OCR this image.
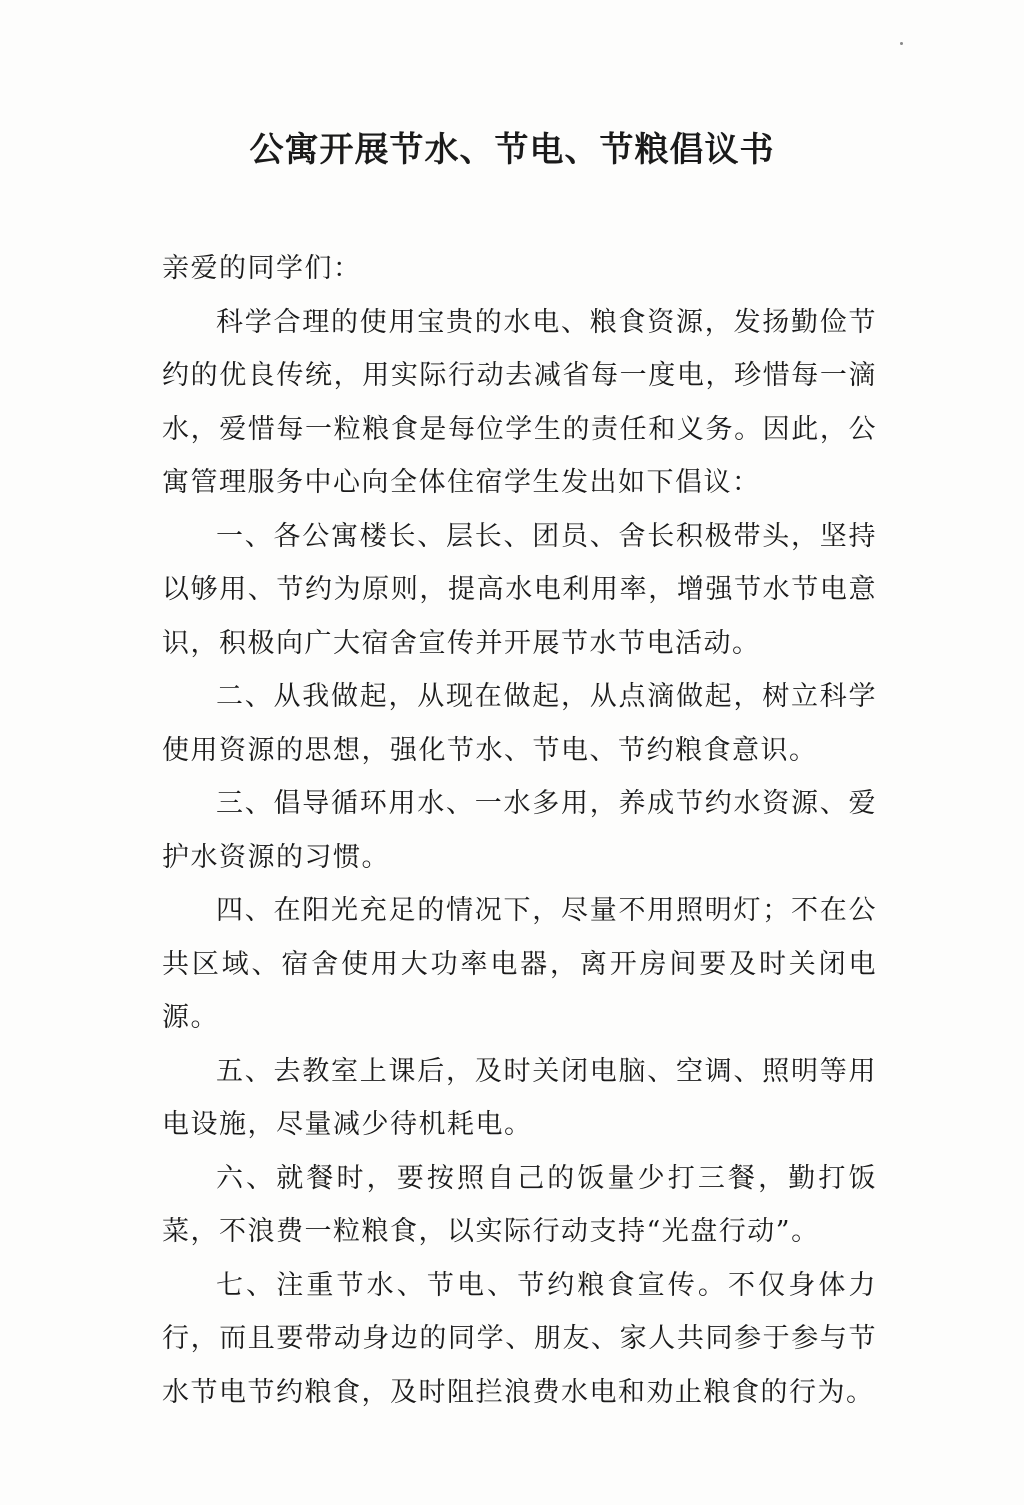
公寓开展节水、节电、节粮倡议书

亲爱的同学们：

科学合理的使用宝贵的水电、粮食资源，发扬勤俭节约的优良传统，用实际行动去减省每一度电，珍惜每一滴水，爱惜每一粒粮食是每位学生的责任和义务。因此，公寓管理服务中心向全体住宿学生发出如下倡议：

一、各公寓楼长、层长、团员、舍长积极带头，坚持以够用、节约为原则，提高水电利用率，增强节水节电意识，积极向广大宿舍宣传并开展节水节电活动。

二、从我做起，从现在做起，从点滴做起，树立科学使用资源的思想，强化节水、节电、节约粮食意识。

三、倡导循环用水、一水多用，养成节约水资源、爱护水资源的习惯。

四、在阳光充足的情况下，尽量不用照明灯；不在公共区域、宿舍使用大功率电器，离开房间要及时关闭电源。

五、去教室上课后，及时关闭电脑、空调、照明等用电设施，尽量减少待机耗电。

六、就餐时，要按照自己的饭量少打三餐，勤打饭菜，不浪费一粒粮食，以实际行动支持“光盘行动”。

七、注重节水、节电、节约粮食宣传。不仅身体力行，而且要带动身边的同学、朋友、家人共同参于参与节水节电节约粮食，及时阻拦浪费水电和劝止粮食的行为。
